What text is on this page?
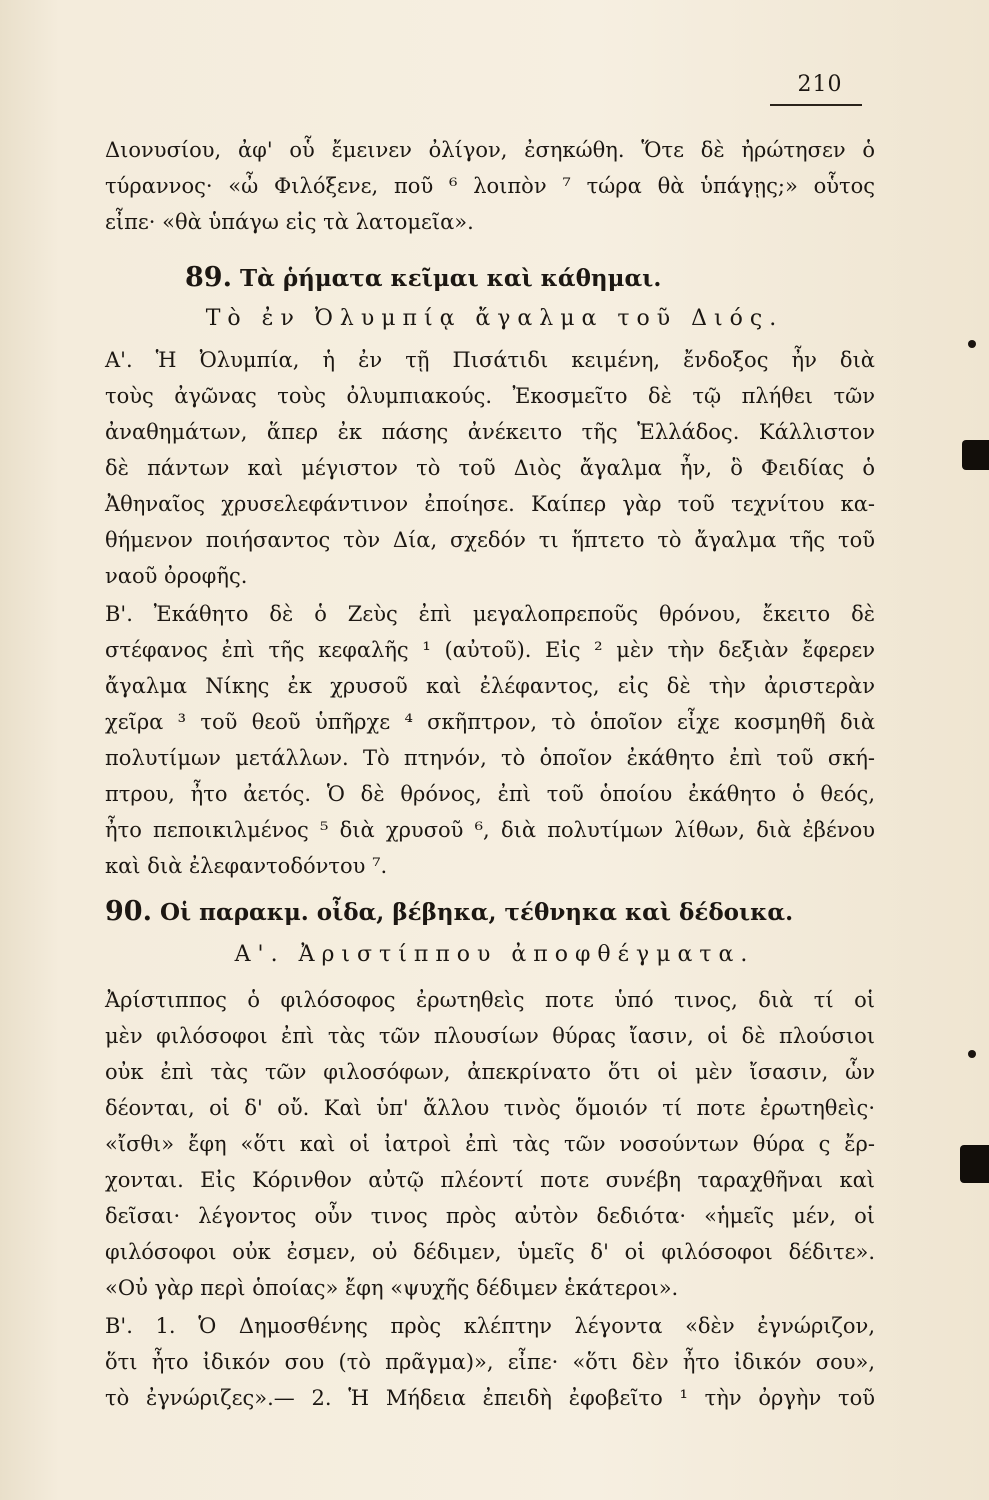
210
Διονυσίου, ἀφ' οὗ ἔμεινεν ὀλίγον, ἐσηκώθη. Ὅτε δὲ ἠρώτησεν ὁ
τύραννος· «ὦ Φιλόξενε, ποῦ ⁶ λοιπὸν ⁷ τώρα θὰ ὑπάγῃς;» οὗτος
εἶπε· «θὰ ὑπάγω εἰς τὰ λατομεῖα».
89. Τὰ ῥήματα κεῖμαι καὶ κάθημαι.
Τὸ ἐν Ὀλυμπίᾳ ἄγαλμα τοῦ Διός.
Α'. Ἡ Ὀλυμπία, ἡ ἐν τῇ Πισάτιδι κειμένη, ἔνδοξος ἦν διὰ
τοὺς ἀγῶνας τοὺς ὀλυμπιακούς. Ἐκοσμεῖτο δὲ τῷ πλήθει τῶν
ἀναθημάτων, ἅπερ ἐκ πάσης ἀνέκειτο τῆς Ἑλλάδος. Κάλλιστον
δὲ πάντων καὶ μέγιστον τὸ τοῦ Διὸς ἄγαλμα ἦν, ὃ Φειδίας ὁ
Ἀθηναῖος χρυσελεφάντινον ἐποίησε. Καίπερ γὰρ τοῦ τεχνίτου κα-
θήμενον ποιήσαντος τὸν Δία, σχεδόν τι ἥπτετο τὸ ἄγαλμα τῆς τοῦ
ναοῦ ὀροφῆς.
Β'. Ἐκάθητο δὲ ὁ Ζεὺς ἐπὶ μεγαλοπρεποῦς θρόνου, ἔκειτο δὲ
στέφανος ἐπὶ τῆς κεφαλῆς ¹ (αὐτοῦ). Εἰς ² μὲν τὴν δεξιὰν ἔφερεν
ἄγαλμα Νίκης ἐκ χρυσοῦ καὶ ἐλέφαντος, εἰς δὲ τὴν ἀριστερὰν
χεῖρα ³ τοῦ θεοῦ ὑπῆρχε ⁴ σκῆπτρον, τὸ ὁποῖον εἶχε κοσμηθῆ διὰ
πολυτίμων μετάλλων. Τὸ πτηνόν, τὸ ὁποῖον ἐκάθητο ἐπὶ τοῦ σκή-
πτρου, ἦτο ἀετός. Ὁ δὲ θρόνος, ἐπὶ τοῦ ὁποίου ἐκάθητο ὁ θεός,
ἦτο πεποικιλμένος ⁵ διὰ χρυσοῦ ⁶, διὰ πολυτίμων λίθων, διὰ ἐβένου
καὶ διὰ ἐλεφαντοδόντου ⁷.
90. Οἱ παρακμ. οἶδα, βέβηκα, τέθνηκα καὶ δέδοικα.
Α'. Ἀριστίππου ἀποφθέγματα.
Ἀρίστιππος ὁ φιλόσοφος ἐρωτηθεὶς ποτε ὑπό τινος, διὰ τί οἱ
μὲν φιλόσοφοι ἐπὶ τὰς τῶν πλουσίων θύρας ἴασιν, οἱ δὲ πλούσιοι
οὐκ ἐπὶ τὰς τῶν φιλοσόφων, ἀπεκρίνατο ὅτι οἱ μὲν ἴσασιν, ὧν
δέονται, οἱ δ' οὔ. Καὶ ὑπ' ἄλλου τινὸς ὅμοιόν τί ποτε ἐρωτηθεὶς·
«ἴσθι» ἔφη «ὅτι καὶ οἱ ἰατροὶ ἐπὶ τὰς τῶν νοσούντων θύρα ς ἔρ-
χονται. Εἰς Κόρινθον αὐτῷ πλέοντί ποτε συνέβη ταραχθῆναι καὶ
δεῖσαι· λέγοντος οὖν τινος πρὸς αὐτὸν δεδιότα· «ἡμεῖς μέν, οἱ
φιλόσοφοι οὐκ ἐσμεν, οὐ δέδιμεν, ὑμεῖς δ' οἱ φιλόσοφοι δέδιτε».
«Οὐ γὰρ περὶ ὁποίας» ἔφη «ψυχῆς δέδιμεν ἑκάτεροι».
Β'. 1. Ὁ Δημοσθένης πρὸς κλέπτην λέγοντα «δὲν ἐγνώριζον,
ὅτι ἦτο ἰδικόν σου (τὸ πρᾶγμα)», εἶπε· «ὅτι δὲν ἦτο ἰδικόν σου»,
τὸ ἐγνώριζες».— 2. Ἡ Μήδεια ἐπειδὴ ἐφοβεῖτο ¹ τὴν ὀργὴν τοῦ
